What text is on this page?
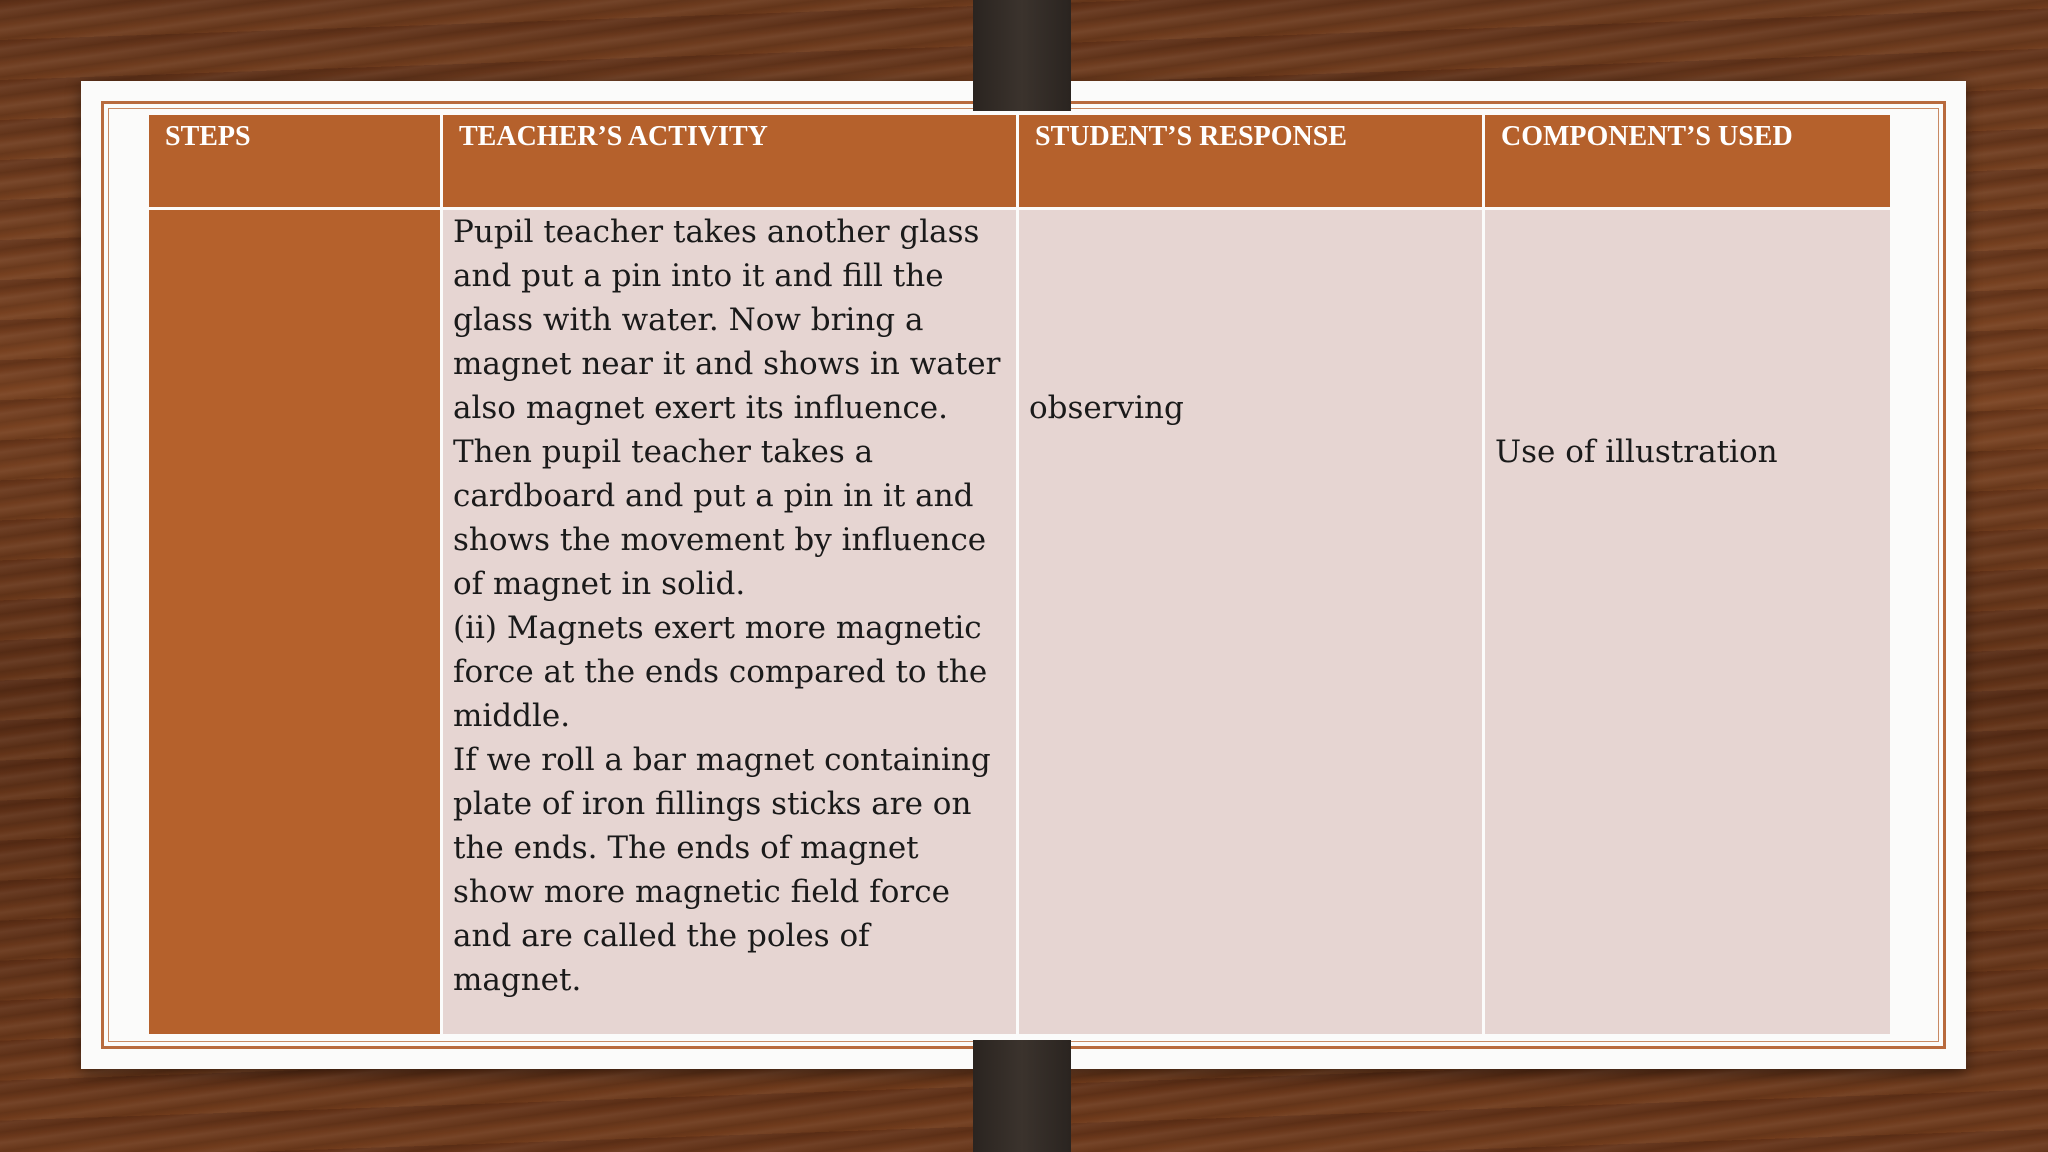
STEPS	TEACHER’S ACTIVITY	STUDENT’S RESPONSE	COMPONENT’S USED
	Pupil teacher takes another glass and put a pin into it and fill the glass with water. Now bring a magnet near it and shows in water also magnet exert its influence.
Then pupil teacher takes a cardboard and put a pin in it and shows the movement by influence of magnet in solid.
(ii) Magnets exert more magnetic force at the ends compared to the middle.
If we roll a bar magnet containing plate of iron fillings sticks are on the ends. The ends of magnet show more magnetic field force and are called the poles of magnet.	observing	Use of illustration
